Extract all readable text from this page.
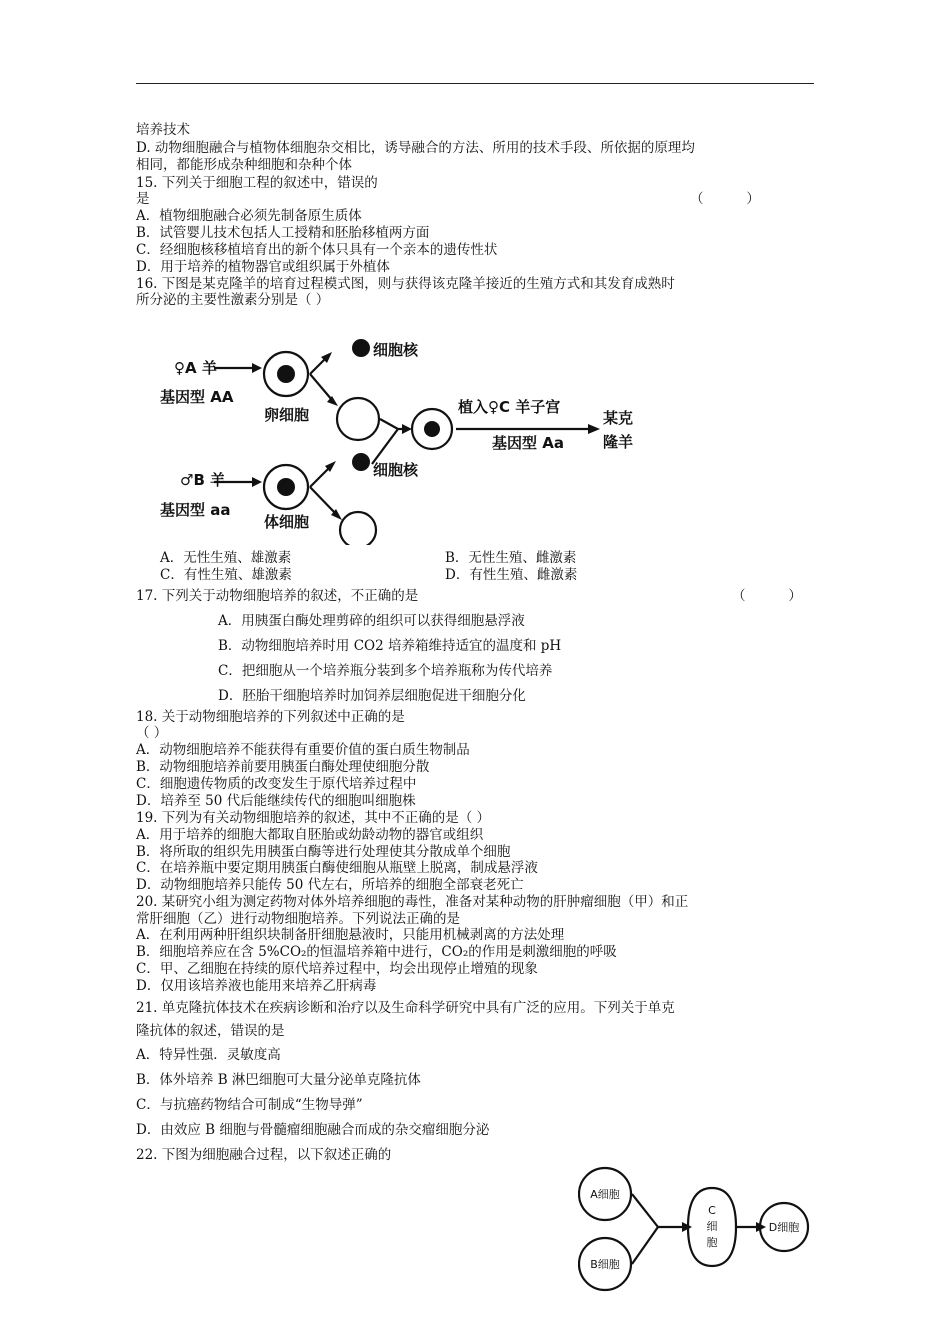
培养技术
D. 动物细胞融合与植物体细胞杂交相比，诱导融合的方法、所用的技术手段、所依据的原理均
相同，都能形成杂种细胞和杂种个体
15. 下列关于细胞工程的叙述中，错误的
是	（          ）
A．植物细胞融合必须先制备原生质体
B．试管婴儿技术包括人工授精和胚胎移植两方面
C．经细胞核移植培育出的新个体只具有一个亲本的遗传性状
D．用于培养的植物器官或组织属于外植体
16. 下图是某克隆羊的培育过程模式图，则与获得该克隆羊接近的生殖方式和其发育成熟时
所分泌的主要性激素分别是（ ）
♀A 羊
基因型 AA
卵细胞
细胞核
♂B 羊
基因型 aa
体细胞
细胞核
植入♀C 羊子宫
基因型 Aa
某克
隆羊
A．无性生殖、雄激素	B．无性生殖、雌激素
C．有性生殖、雄激素	D．有性生殖、雌激素
17. 下列关于动物细胞培养的叙述，不正确的是	（          ）
A．用胰蛋白酶处理剪碎的组织可以获得细胞悬浮液
B．动物细胞培养时用 CO2 培养箱维持适宜的温度和 pH
C．把细胞从一个培养瓶分装到多个培养瓶称为传代培养
D．胚胎干细胞培养时加饲养层细胞促进干细胞分化
18. 关于动物细胞培养的下列叙述中正确的是
（ ）
A．动物细胞培养不能获得有重要价值的蛋白质生物制品
B．动物细胞培养前要用胰蛋白酶处理使细胞分散
C．细胞遗传物质的改变发生于原代培养过程中
D．培养至 50 代后能继续传代的细胞叫细胞株
19. 下列为有关动物细胞培养的叙述，其中不正确的是（ ）
A．用于培养的细胞大都取自胚胎或幼龄动物的器官或组织
B．将所取的组织先用胰蛋白酶等进行处理使其分散成单个细胞
C．在培养瓶中要定期用胰蛋白酶使细胞从瓶壁上脱离，制成悬浮液
D．动物细胞培养只能传 50 代左右，所培养的细胞全部衰老死亡
20. 某研究小组为测定药物对体外培养细胞的毒性，准备对某种动物的肝肿瘤细胞（甲）和正
常肝细胞（乙）进行动物细胞培养。下列说法正确的是
A．在利用两种肝组织块制备肝细胞悬液时，只能用机械剥离的方法处理
B．细胞培养应在含 5%CO₂的恒温培养箱中进行，CO₂的作用是刺激细胞的呼吸
C．甲、乙细胞在持续的原代培养过程中，均会出现停止增殖的现象
D．仅用该培养液也能用来培养乙肝病毒
21. 单克隆抗体技术在疾病诊断和治疗以及生命科学研究中具有广泛的应用。下列关于单克
隆抗体的叙述，错误的是
A．特异性强．灵敏度高
B．体外培养 B 淋巴细胞可大量分泌单克隆抗体
C．与抗癌药物结合可制成“生物导弹”
D．由效应 B 细胞与骨髓瘤细胞融合而成的杂交瘤细胞分泌
22. 下图为细胞融合过程，以下叙述正确的
A细胞
B细胞
C
细
胞
D细胞
